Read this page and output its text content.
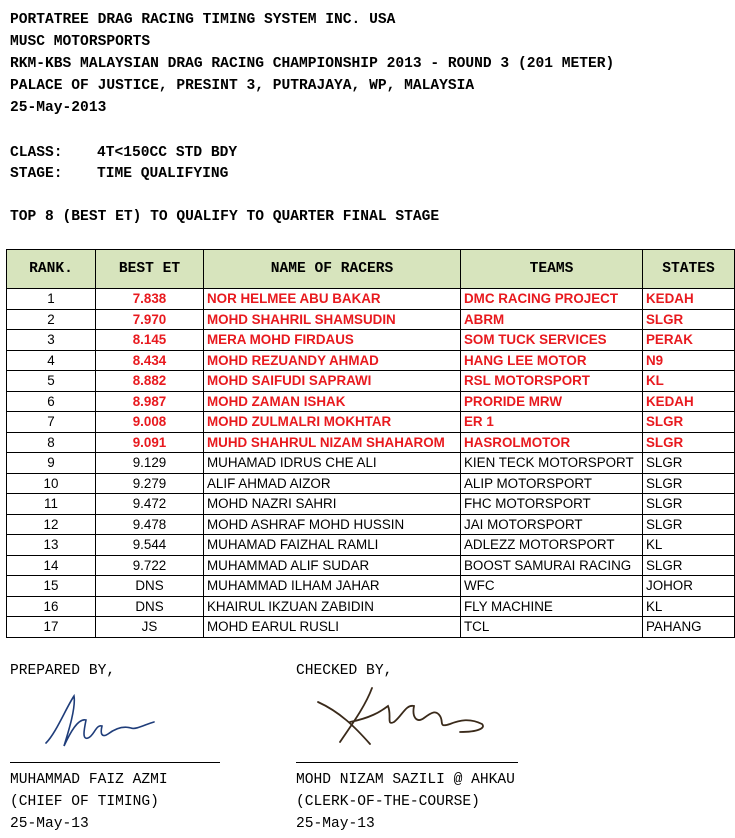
PORTATREE DRAG RACING TIMING SYSTEM INC. USA
MUSC MOTORSPORTS
RKM-KBS MALAYSIAN DRAG RACING CHAMPIONSHIP 2013 - ROUND 3 (201 METER)
PALACE OF JUSTICE, PRESINT 3, PUTRAJAYA, WP, MALAYSIA
25-May-2013
CLASS: 4T<150CC STD BDY
STAGE: TIME QUALIFYING
TOP 8 (BEST ET) TO QUALIFY TO QUARTER FINAL STAGE
RANK.	BEST ET	NAME OF RACERS	TEAMS	STATES
1	7.838	NOR HELMEE ABU BAKAR	DMC RACING PROJECT	KEDAH
2	7.970	MOHD SHAHRIL SHAMSUDIN	ABRM	SLGR
3	8.145	MERA MOHD FIRDAUS	SOM TUCK SERVICES	PERAK
4	8.434	MOHD REZUANDY AHMAD	HANG LEE MOTOR	N9
5	8.882	MOHD SAIFUDI SAPRAWI	RSL MOTORSPORT	KL
6	8.987	MOHD ZAMAN ISHAK	PRORIDE MRW	KEDAH
7	9.008	MOHD ZULMALRI MOKHTAR	ER 1	SLGR
8	9.091	MUHD SHAHRUL NIZAM SHAHAROM	HASROLMOTOR	SLGR
9	9.129	MUHAMAD IDRUS CHE ALI	KIEN TECK MOTORSPORT	SLGR
10	9.279	ALIF AHMAD AIZOR	ALIP MOTORSPORT	SLGR
11	9.472	MOHD NAZRI SAHRI	FHC MOTORSPORT	SLGR
12	9.478	MOHD ASHRAF MOHD HUSSIN	JAI MOTORSPORT	SLGR
13	9.544	MUHAMAD FAIZHAL RAMLI	ADLEZZ MOTORSPORT	KL
14	9.722	MUHAMMAD ALIF SUDAR	BOOST SAMURAI RACING	SLGR
15	DNS	MUHAMMAD ILHAM JAHAR	WFC	JOHOR
16	DNS	KHAIRUL IKZUAN ZABIDIN	FLY MACHINE	KL
17	JS	MOHD EARUL RUSLI	TCL	PAHANG
PREPARED BY,
MUHAMMAD FAIZ AZMI
(CHIEF OF TIMING)
25-May-13
CHECKED BY,
MOHD NIZAM SAZILI @ AHKAU
(CLERK-OF-THE-COURSE)
25-May-13
